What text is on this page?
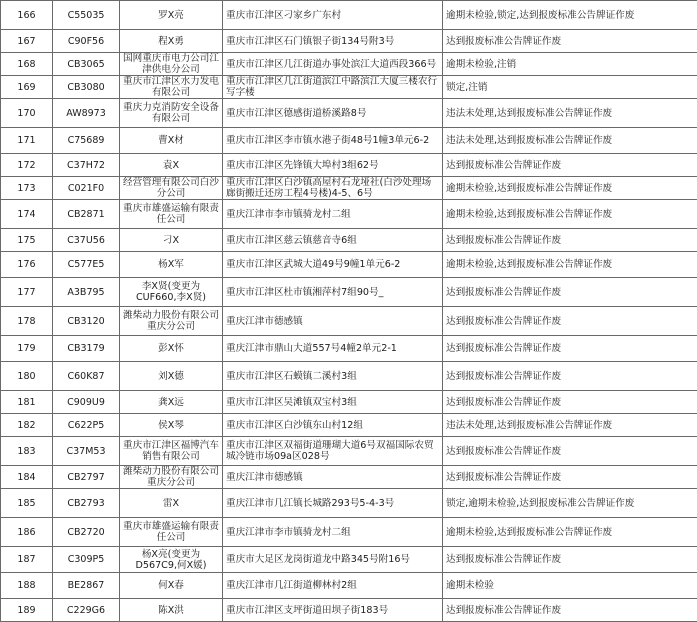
166	C55035	罗X亮	重庆市江津区刁家乡广东村	逾期未检验,锁定,达到报废标准公告牌证作废
167	C90F56	程X勇	重庆市江津区石门镇银子街134号附3号	达到报废标准公告牌证作废
168	CB3065	国网重庆市电力公司江津供电分公司	重庆市江津区几江街道办事处滨江大道西段366号	逾期未检验,注销
169	CB3080	重庆市江津区水力发电有限公司	重庆市江津区几江街道滨江中路滨江大厦三楼农行写字楼	锁定,注销
170	AW8973	重庆力克消防安全设备有限公司	重庆市江津区德感街道桥溪路8号	违法未处理,达到报废标准公告牌证作废
171	C75689	曹X材	重庆市江津区李市镇水港子街48号1幢3单元6-2	违法未处理,达到报废标准公告牌证作废
172	C37H72	袁X	重庆市江津区先锋镇大埠村3组62号	达到报废标准公告牌证作废
173	C021F0	经营管理有限公司白沙分公司	重庆市江津区白沙镇高屋村石龙垭社(白沙处理场廊街搬迁还房工程4号楼)4-5、6号	逾期未检验,达到报废标准公告牌证作废
174	CB2871	重庆市雄盛运输有限责任公司	重庆江津市李市镇骑龙村二组	逾期未检验,达到报废标准公告牌证作废
175	C37U56	刁X	重庆市江津区慈云镇慈音寺6组	达到报废标准公告牌证作废
176	C577E5	杨X军	重庆市江津区武城大道49号9幢1单元6-2	逾期未检验,达到报废标准公告牌证作废
177	A3B795	李X贤(变更为CUF660,李X贤)	重庆市江津区杜市镇湘萍村7组90号_	达到报废标准公告牌证作废
178	CB3120	潍柴动力股份有限公司重庆分公司	重庆江津市德感镇	达到报废标准公告牌证作废
179	CB3179	彭X怀	重庆江津市鼎山大道557号4幢2单元2-1	达到报废标准公告牌证作废
180	C60K87	刘X德	重庆市江津区石蟆镇二溪村3组	达到报废标准公告牌证作废
181	C909U9	龚X远	重庆市江津区吴滩镇双宝村3组	达到报废标准公告牌证作废
182	C622P5	侯X琴	重庆市江津区白沙镇东山村12组	违法未处理,达到报废标准公告牌证作废
183	C37M53	重庆市江津区福博汽车销售有限公司	重庆市江津区双福街道珊瑚大道6号双福国际农贸城冷链市场09a区028号	达到报废标准公告牌证作废
184	CB2797	潍柴动力股份有限公司重庆分公司	重庆江津市德感镇	达到报废标准公告牌证作废
185	CB2793	雷X	重庆江津市几江镇长城路293号5-4-3号	锁定,逾期未检验,达到报废标准公告牌证作废
186	CB2720	重庆市雄盛运输有限责任公司	重庆江津市李市镇骑龙村二组	逾期未检验,达到报废标准公告牌证作废
187	C309P5	杨X亮(变更为D567C9,何X媛)	重庆市大足区龙岗街道龙中路345号附16号	达到报废标准公告牌证作废
188	BE2867	何X春	重庆江津市几江街道柳林村2组	逾期未检验
189	C229G6	陈X洪	重庆市江津区支坪街道田坝子街183号	达到报废标准公告牌证作废
